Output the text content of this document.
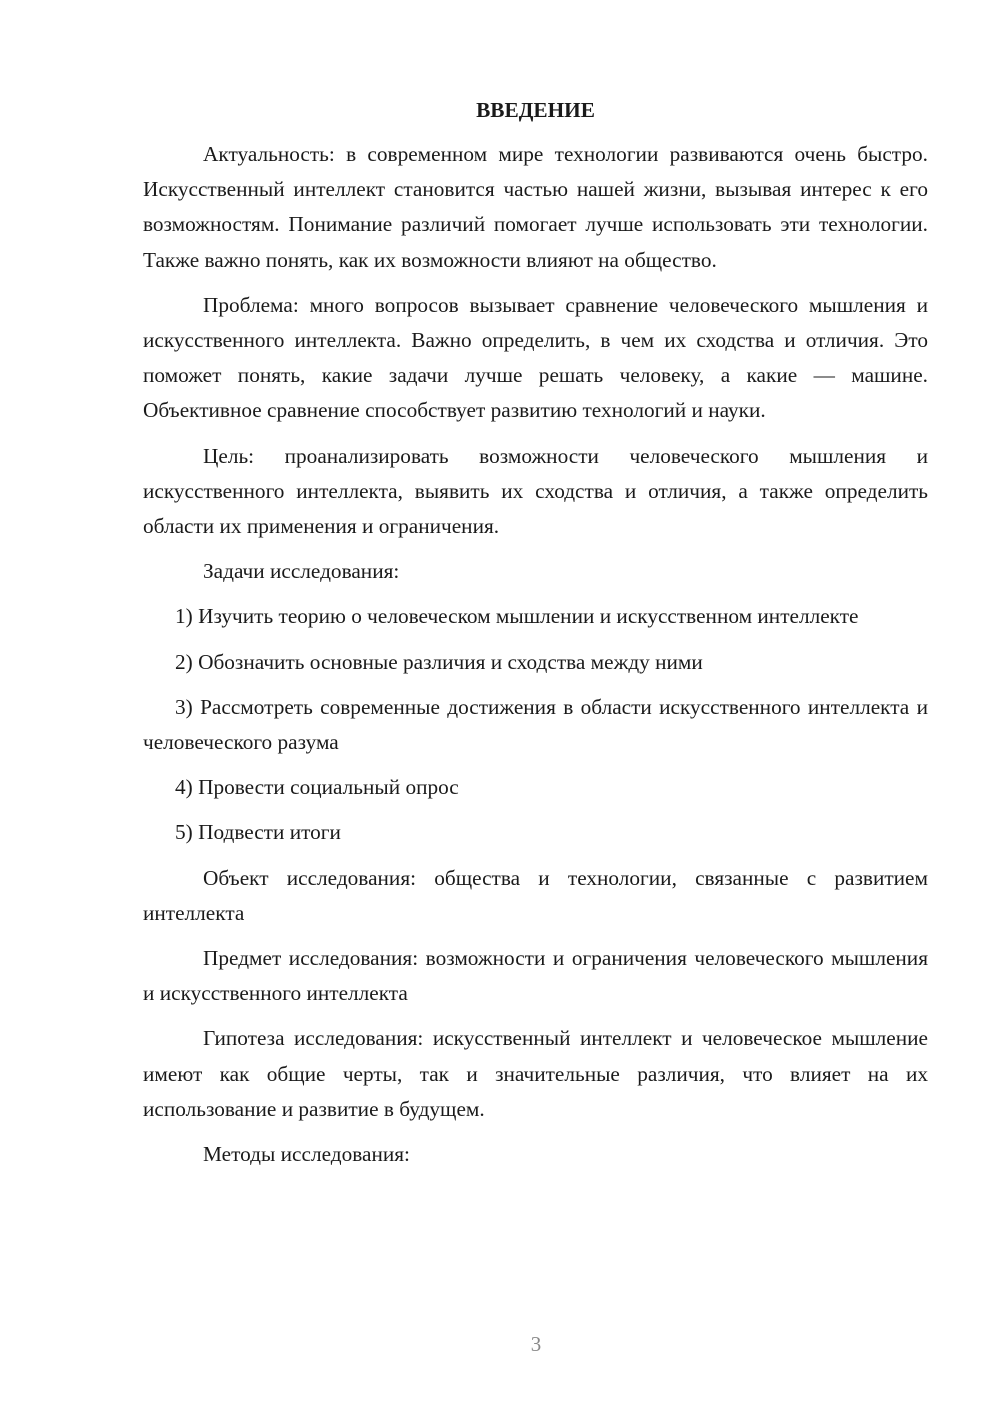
ВВЕДЕНИЕ

Актуальность: в современном мире технологии развиваются очень быстро. Искусственный интеллект становится частью нашей жизни, вызывая интерес к его возможностям. Понимание различий помогает лучше использовать эти технологии. Также важно понять, как их возможности влияют на общество.

Проблема: много вопросов вызывает сравнение человеческого мышления и искусственного интеллекта. Важно определить, в чем их сходства и отличия. Это поможет понять, какие задачи лучше решать человеку, а какие — машине. Объективное сравнение способствует развитию технологий и науки.

Цель: проанализировать возможности человеческого мышления и искусственного интеллекта, выявить их сходства и отличия, а также определить области их применения и ограничения.

Задачи исследования:

1) Изучить теорию о человеческом мышлении и искусственном интеллекте

2) Обозначить основные различия и сходства между ними

3) Рассмотреть современные достижения в области искусственного интеллекта и человеческого разума

4) Провести социальный опрос

5) Подвести итоги

Объект исследования: общества и технологии, связанные с развитием интеллекта

Предмет исследования: возможности и ограничения человеческого мышления и искусственного интеллекта

Гипотеза исследования: искусственный интеллект и человеческое мышление имеют как общие черты, так и значительные различия, что влияет на их использование и развитие в будущем.

Методы исследования:

3
